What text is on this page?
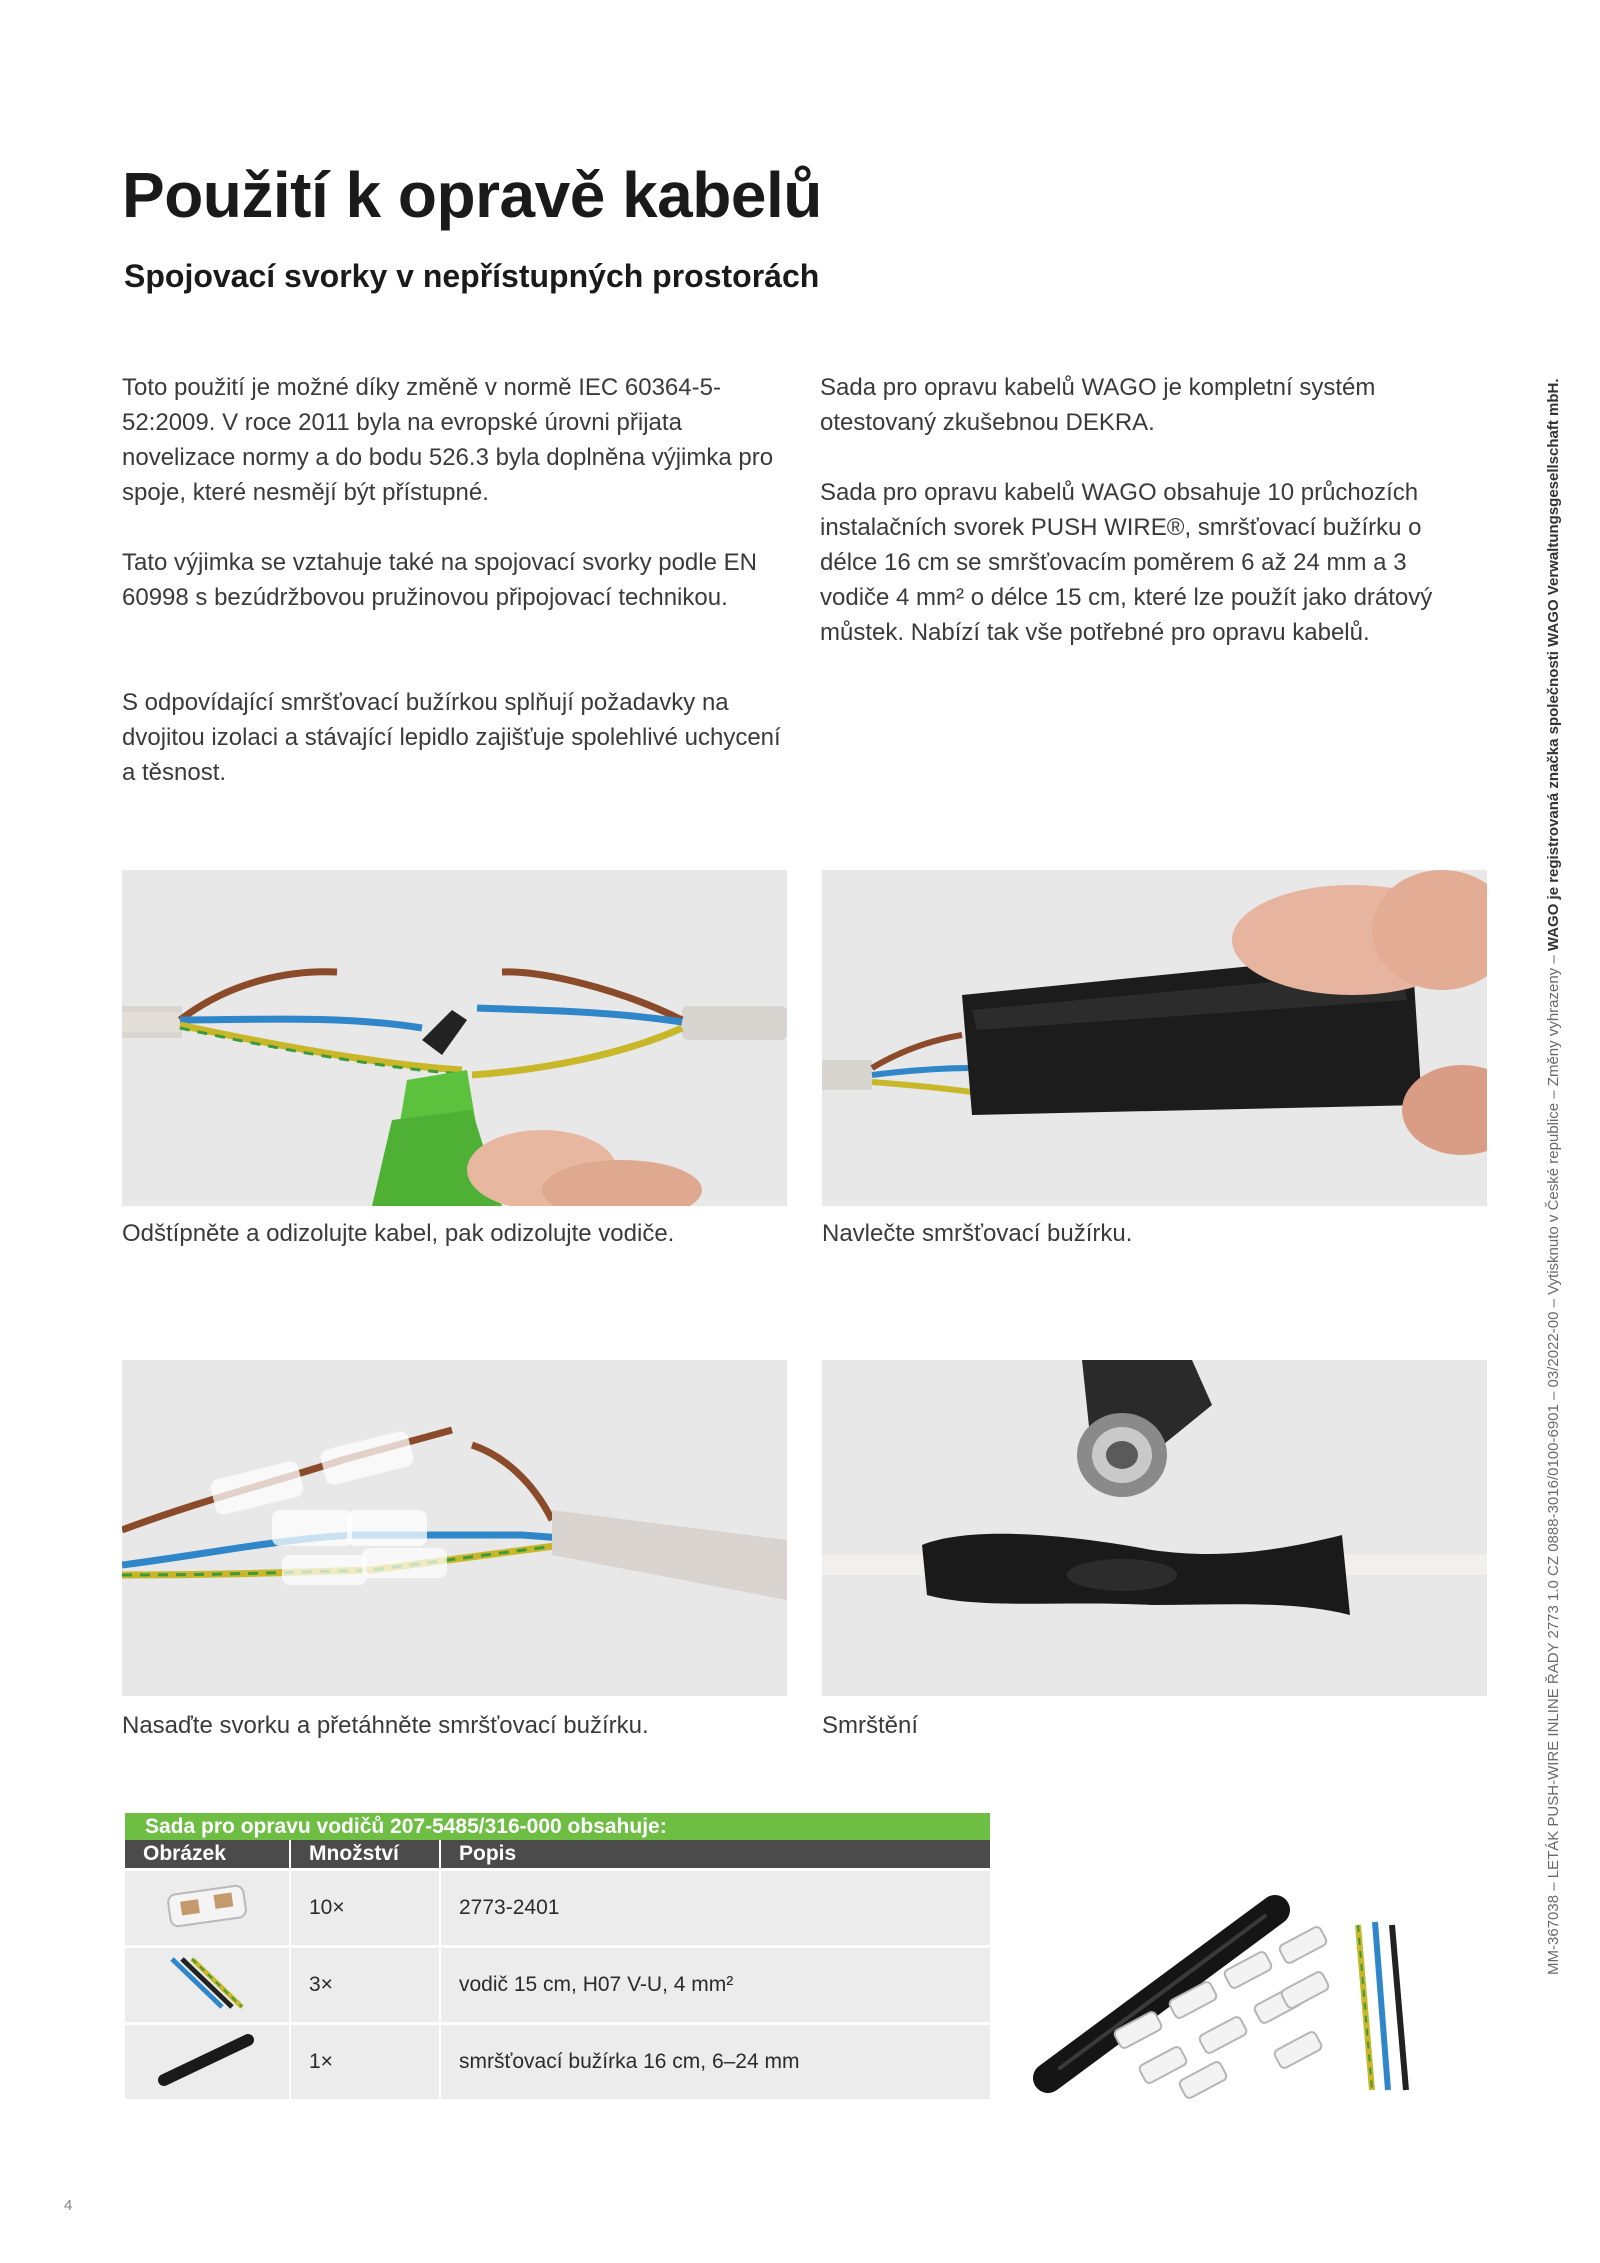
Použití k opravě kabelů
Spojovací svorky v nepřístupných prostorách

Toto použití je možné díky změně v normě IEC 60364-5-52:2009. V roce 2011 byla na evropské úrovni přijata novelizace normy a do bodu 526.3 byla doplněna výjimka pro spoje, které nesmějí být přístupné.

Tato výjimka se vztahuje také na spojovací svorky podle EN 60998 s bezúdržbovou pružinovou připojovací technikou.

S odpovídající smršťovací bužírkou splňují požadavky na dvojitou izolaci a stávající lepidlo zajišťuje spolehlivé uchycení a těsnost.

Sada pro opravu kabelů WAGO je kompletní systém otestovaný zkušebnou DEKRA.

Sada pro opravu kabelů WAGO obsahuje 10 průchozích instalačních svorek PUSH WIRE®, smršťovací bužírku o délce 16 cm se smršťovacím poměrem 6 až 24 mm a 3 vodiče 4 mm² o délce 15 cm, které lze použít jako drátový můstek. Nabízí tak vše potřebné pro opravu kabelů.

Odštípněte a odizolujte kabel, pak odizolujte vodiče.	Navlečte smršťovací bužírku.

Nasaďte svorku a přetáhněte smršťovací bužírku.	Smrštění

Sada pro opravu vodičů 207-5485/316-000 obsahuje:
Obrázek	Množství	Popis
10×	2773-2401
3×	vodič 15 cm, H07 V-U, 4 mm²
1×	smršťovací bužírka 16 cm, 6–24 mm
MM-367038 – LETÁK PUSH-WIRE INLINE ŘADY 2773 1.0 CZ 0888-3016/0100-6901 – 03/2022-00 – Vytisknuto v České republice – Změny vyhrazeny – WAGO je registrovaná značka společnosti WAGO Verwaltungsgesellschaft mbH.
4
